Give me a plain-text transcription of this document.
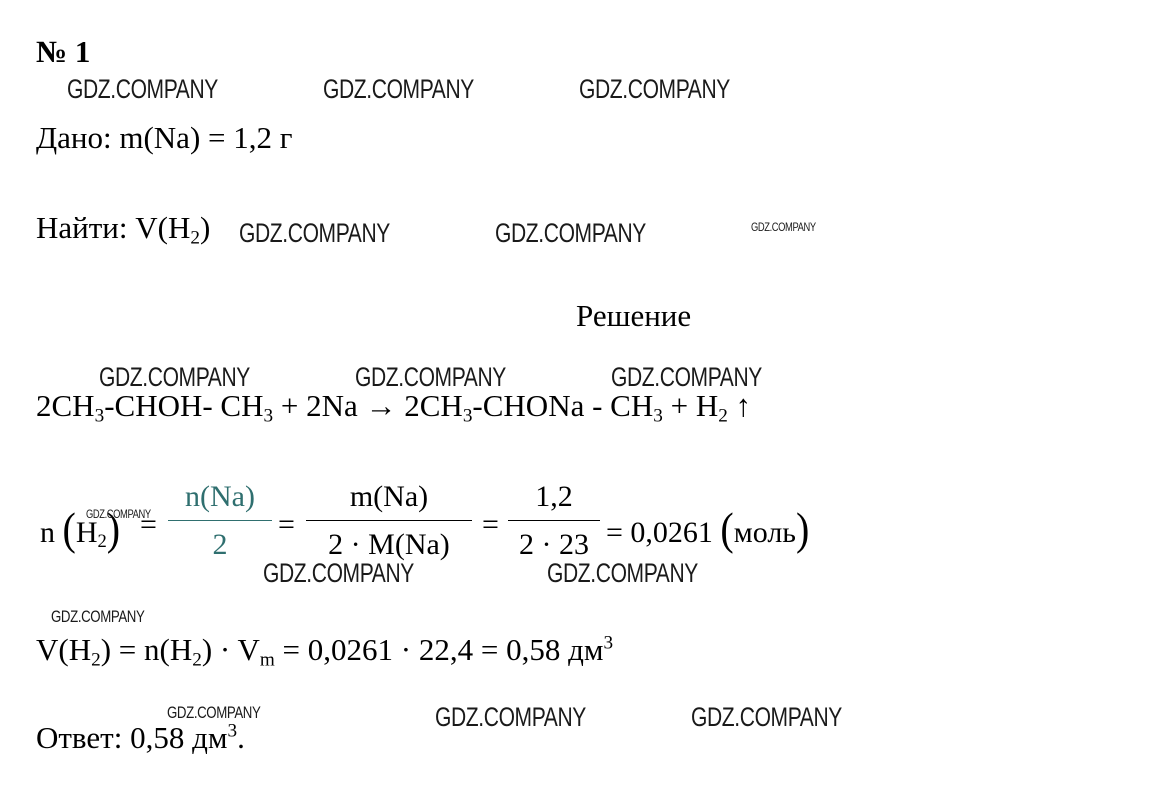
№ 1
Дано: m(Na) = 1,2 г
Найти: $V(H_2)$
Решение
$2CH_3-CHOH-$ $CH_3 + 2Na$ → $2CH_3$-CHONa - $CH_3 + H_2$ ↑
n $(H_2)$ =
n(Na)
2
=
m(Na)
2 · M(Na)
=
1,2
2 · 23 = 0,0261 (моль)
$V(H_2) = n(H_2) \cdot V_m = 0,0261 \cdot 22,4 = 0,58$ $дм^3$
Ответ: 0,58 $дм^3$.
GDZ.COMPANY	GDZ.COMPANY	GDZ.COMPANY
GDZ.COMPANY	GDZ.COMPANY	GDZ.COMPANY
GDZ.COMPANY	GDZ.COMPANY	GDZ.COMPANY
GDZ.COMPANY
GDZ.COMPANY	GDZ.COMPANY
GDZ.COMPANY
GDZ.COMPANY	GDZ.COMPANY	GDZ.COMPANY
